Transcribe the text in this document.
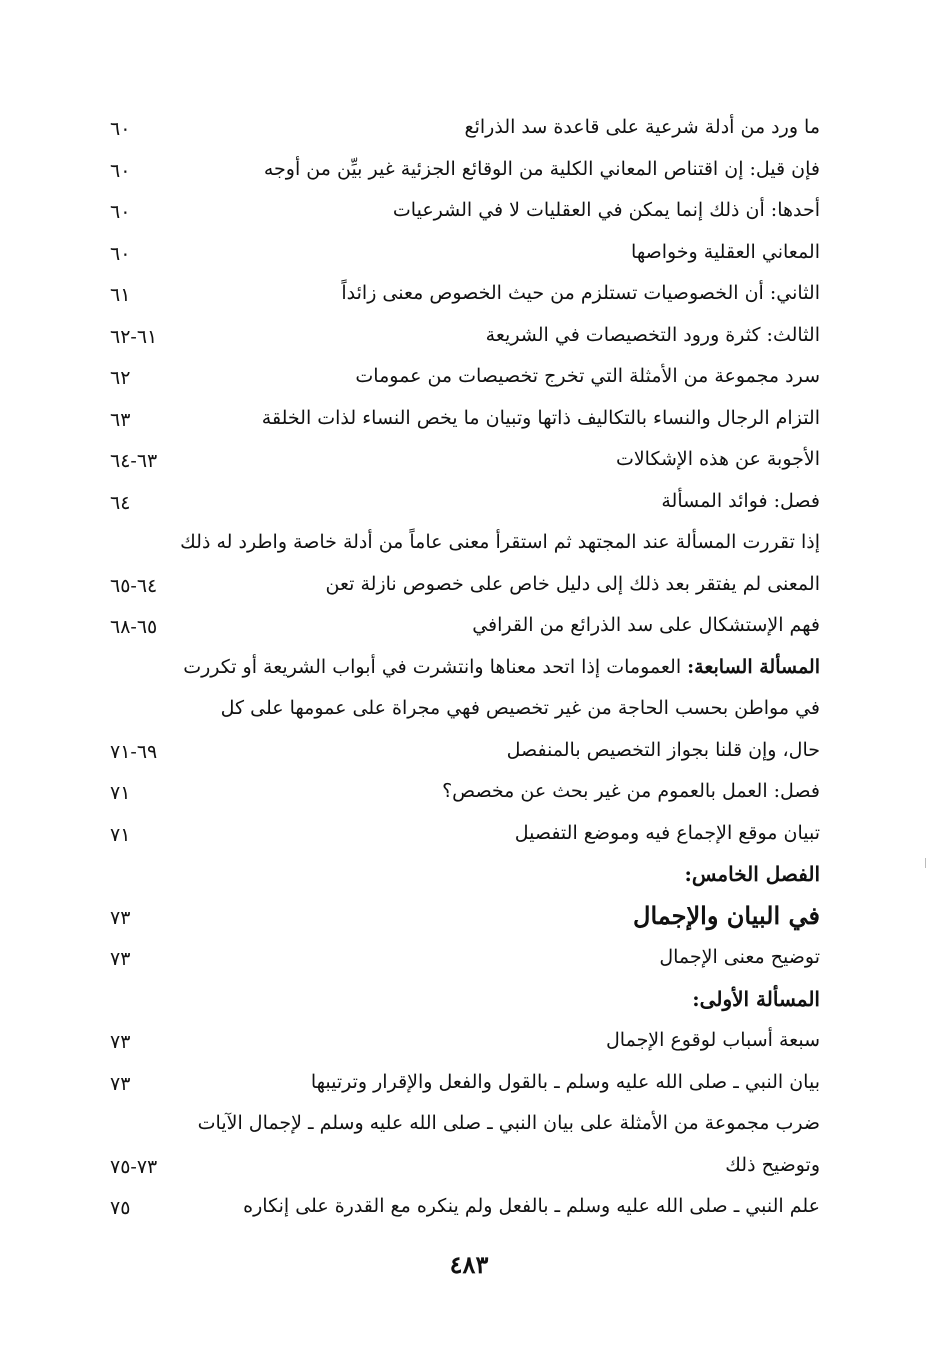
ما ورد من أدلة شرعية على قاعدة سد الذرائع
٦٠
فإن قيل: إن اقتناص المعاني الكلية من الوقائع الجزئية غير بيِّن من أوجه
٦٠
أحدها: أن ذلك إنما يمكن في العقليات لا في الشرعيات
٦٠
المعاني العقلية وخواصها
٦٠
الثاني: أن الخصوصيات تستلزم من حيث الخصوص معنى زائداً
٦١
الثالث: كثرة ورود التخصيصات في الشريعة
٦١-٦٢
سرد مجموعة من الأمثلة التي تخرج تخصيصات من عمومات
٦٢
التزام الرجال والنساء بالتكاليف ذاتها وتبيان ما يخص النساء لذات الخلقة
٦٣
الأجوبة عن هذه الإشكالات
٦٣-٦٤
فصل: فوائد المسألة
٦٤
إذا تقررت المسألة عند المجتهد ثم استقرأ معنى عاماً من أدلة خاصة واطرد له ذلك
المعنى لم يفتقر بعد ذلك إلى دليل خاص على خصوص نازلة تعن
٦٤-٦٥
فهم الإستشكال على سد الذرائع من القرافي
٦٥-٦٨
المسألة السابعة: العمومات إذا اتحد معناها وانتشرت في أبواب الشريعة أو تكررت
في مواطن بحسب الحاجة من غير تخصيص فهي مجراة على عمومها على كل
حال، وإن قلنا بجواز التخصيص بالمنفصل
٦٩-٧١
فصل: العمل بالعموم من غير بحث عن مخصص؟
٧١
تبيان موقع الإجماع فيه وموضع التفصيل
٧١
الفصل الخامس:
في البيان والإجمال
٧٣
توضيح معنى الإجمال
٧٣
المسألة الأولى:
سبعة أسباب لوقوع الإجمال
٧٣
بيان النبي ـ صلى الله عليه وسلم ـ بالقول والفعل والإقرار وترتيبها
٧٣
ضرب مجموعة من الأمثلة على بيان النبي ـ صلى الله عليه وسلم ـ لإجمال الآيات
وتوضيح ذلك
٧٣-٧٥
علم النبي ـ صلى الله عليه وسلم ـ بالفعل ولم ينكره مع القدرة على إنكاره
٧٥
٤٨٣
